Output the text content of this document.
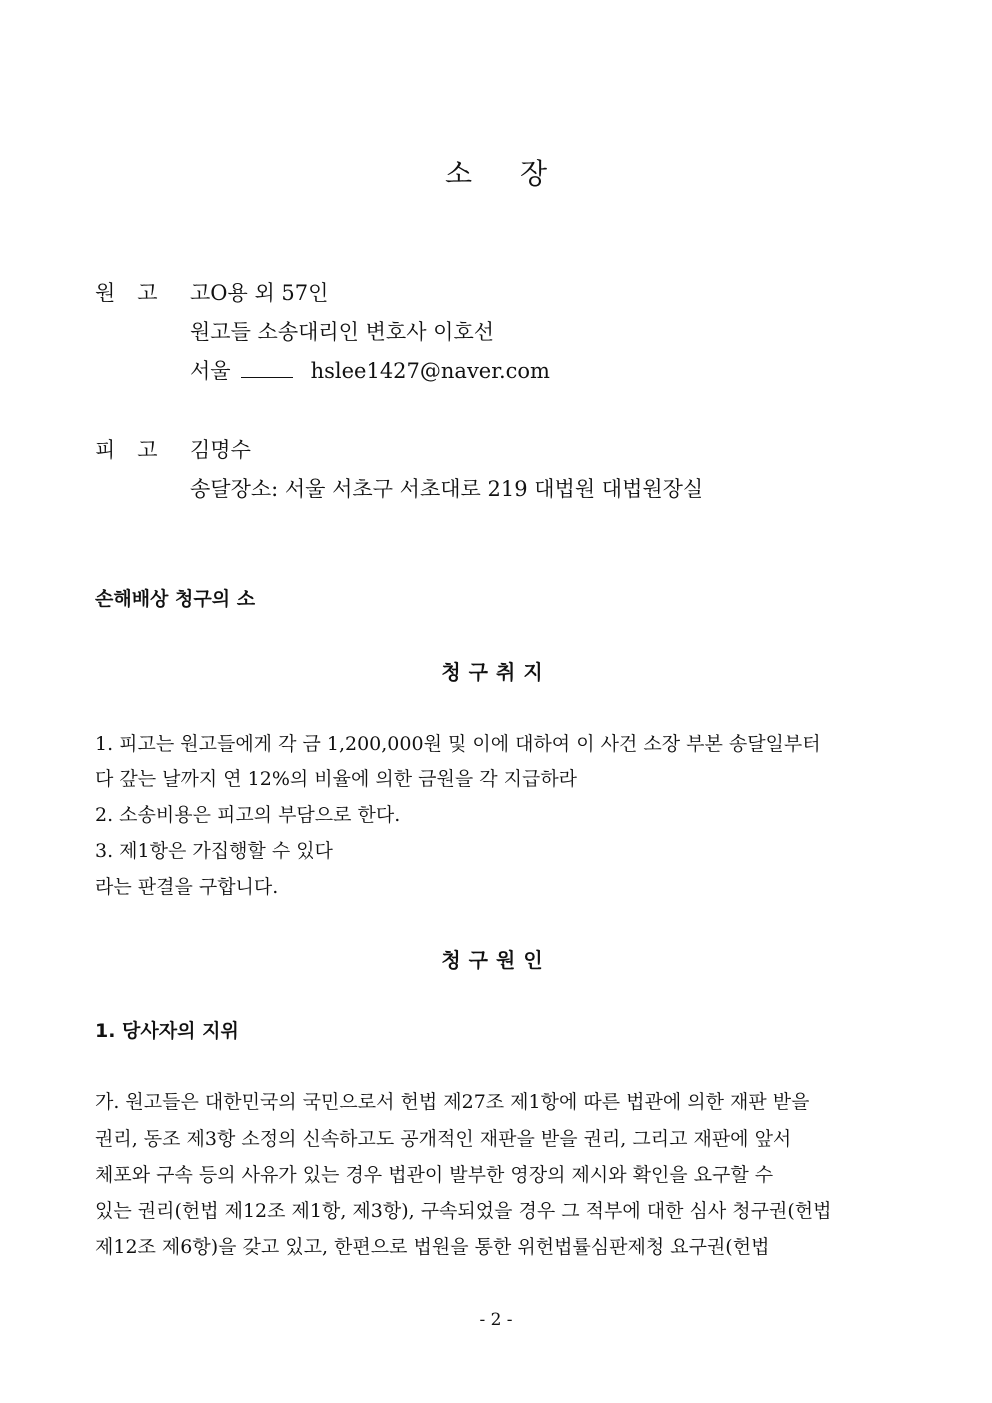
소 장
원 고 고O용 외 57인
원고들 소송대리인 변호사 이호선
서울	hslee1427@naver.com
피 고 김명수
송달장소: 서울 서초구 서초대로 219 대법원 대법원장실
손해배상 청구의 소
청구취지
1. 피고는 원고들에게 각 금 1,200,000원 및 이에 대하여 이 사건 소장 부본 송달일부터
다 갚는 날까지 연 12%의 비율에 의한 금원을 각 지급하라
2. 소송비용은 피고의 부담으로 한다.
3. 제1항은 가집행할 수 있다
라는 판결을 구합니다.
청구원인
1. 당사자의 지위
가. 원고들은 대한민국의 국민으로서 헌법 제27조 제1항에 따른 법관에 의한 재판 받을
권리, 동조 제3항 소정의 신속하고도 공개적인 재판을 받을 권리, 그리고 재판에 앞서
체포와 구속 등의 사유가 있는 경우 법관이 발부한 영장의 제시와 확인을 요구할 수
있는 권리(헌법 제12조 제1항, 제3항), 구속되었을 경우 그 적부에 대한 심사 청구권(헌법
제12조 제6항)을 갖고 있고, 한편으로 법원을 통한 위헌법률심판제청 요구권(헌법
- 2 -
